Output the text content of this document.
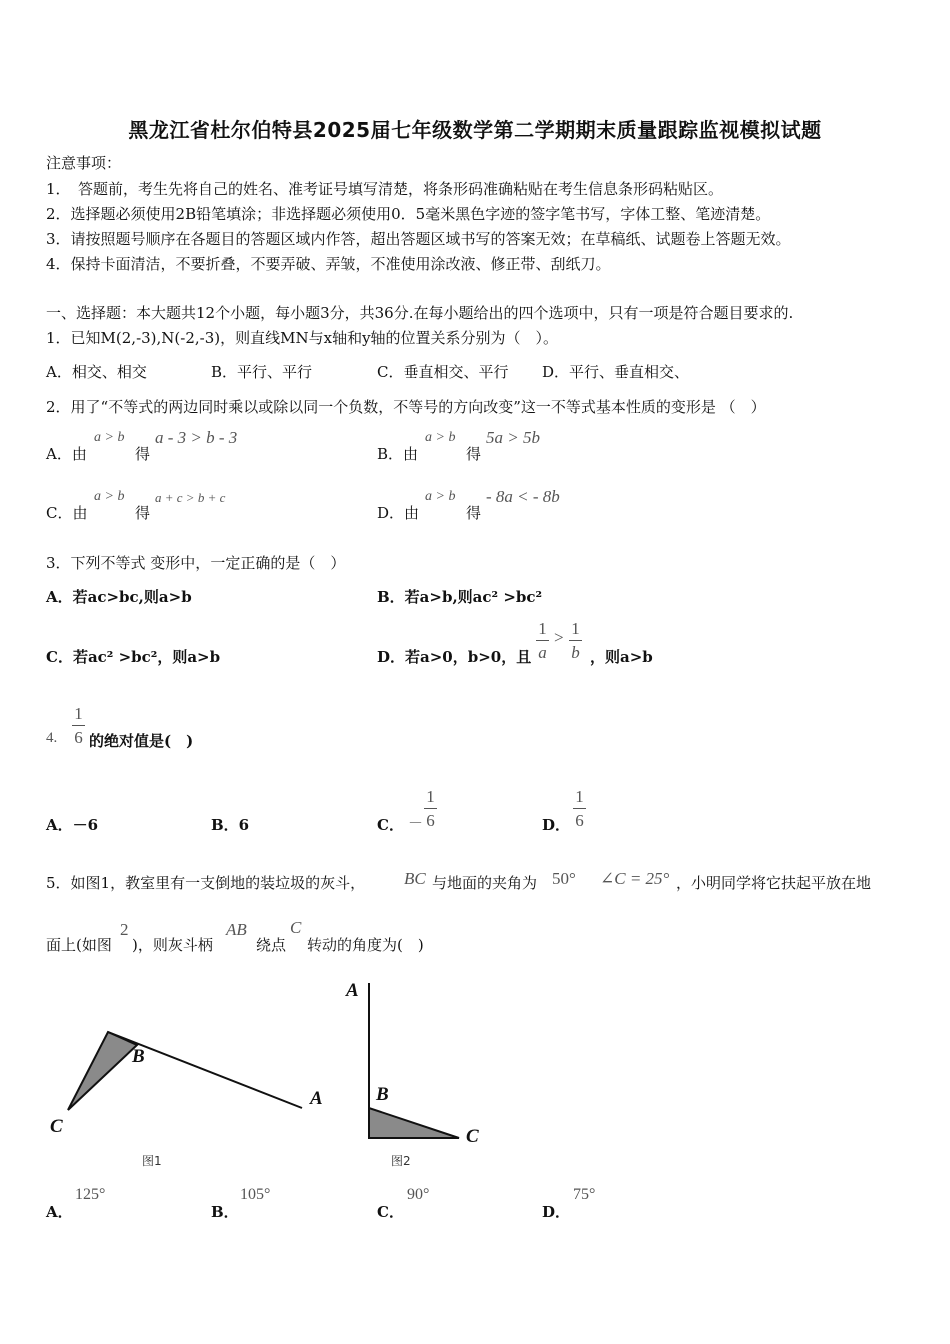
黑龙江省杜尔伯特县2025届七年级数学第二学期期末质量跟踪监视模拟试题
注意事项：
1．　答题前，考生先将自己的姓名、准考证号填写清楚，将条形码准确粘贴在考生信息条形码粘贴区。
2．选择题必须使用2B铅笔填涂；非选择题必须使用0．5毫米黑色字迹的签字笔书写，字体工整、笔迹清楚。
3．请按照题号顺序在各题目的答题区域内作答，超出答题区域书写的答案无效；在草稿纸、试题卷上答题无效。
4．保持卡面清洁，不要折叠，不要弄破、弄皱，不准使用涂改液、修正带、刮纸刀。
一、选择题：本大题共12个小题，每小题3分，共36分.在每小题给出的四个选项中，只有一项是符合题目要求的.
1．已知M(2,-3),N(-2,-3)，则直线MN与x轴和y轴的位置关系分别为（　）。
A．相交、相交	B．平行、平行	C．垂直相交、平行 D．平行、垂直相交、
2．用了“不等式的两边同时乘以或除以同一个负数，不等号的方向改变”这一不等式基本性质的变形是 （　）
A．由
a > b
得
a - 3 > b - 3
B．由
a > b
得
5a > 5b
C．由
a > b
得
a + c > b + c
D．由
a > b
得
- 8a < - 8b
3．下列不等式 变形中，一定正确的是（　）
A．若ac>bc,则a>b	B．若a>b,则ac² >bc²
C．若ac² >bc²，则a>b	D．若a>0，b>0，且
1
a
> 1
b ，则a>b
4.
1
6 的绝对值是(　)
A．－6	B．6	C． －
1
6	D．
1
6
5．如图1，教室里有一支倒地的装垃圾的灰斗， BC 与地面的夹角为 50° ∠C = 25° ，小明同学将它扶起平放在地
面上(如图
2
)，则灰斗柄
AB
绕点
C
转动的角度为(　)
B
A
C
图1
A
B
C
图2
A．
125°
B．
105°
C．
90°
D．
75°
